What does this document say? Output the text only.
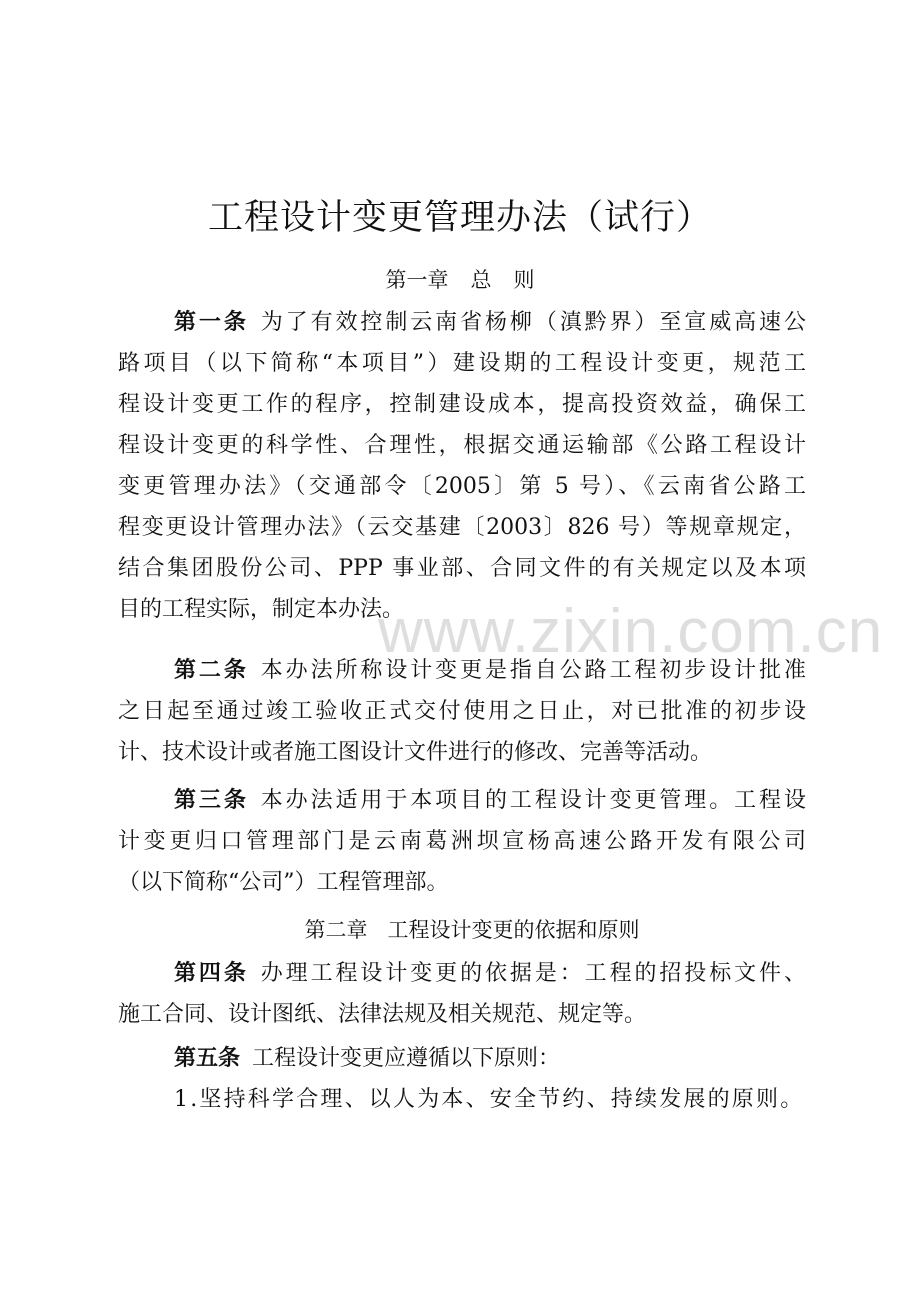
工程设计变更管理办法（试行）
第一章 总 则
第一条 为了有效控制云南省杨柳（滇黔界）至宣威高速公
路项目（以下简称“本项目”）建设期的工程设计变更，规范工
程设计变更工作的程序，控制建设成本，提高投资效益，确保工
程设计变更的科学性、合理性，根据交通运输部《公路工程设计
变更管理办法》（交通部令〔2005〕第 5 号）、《云南省公路工
程变更设计管理办法》（云交基建〔2003〕826 号）等规章规定，
结合集团股份公司、PPP 事业部、合同文件的有关规定以及本项
目的工程实际，制定本办法。
第二条 本办法所称设计变更是指自公路工程初步设计批准
之日起至通过竣工验收正式交付使用之日止，对已批准的初步设
计、技术设计或者施工图设计文件进行的修改、完善等活动。
第三条 本办法适用于本项目的工程设计变更管理。工程设
计变更归口管理部门是云南葛洲坝宣杨高速公路开发有限公司
（以下简称“公司”）工程管理部。
第二章 工程设计变更的依据和原则
第四条 办理工程设计变更的依据是：工程的招投标文件、
施工合同、设计图纸、法律法规及相关规范、规定等。
第五条 工程设计变更应遵循以下原则：
1.坚持科学合理、以人为本、安全节约、持续发展的原则。
www.zixin.com.cn
